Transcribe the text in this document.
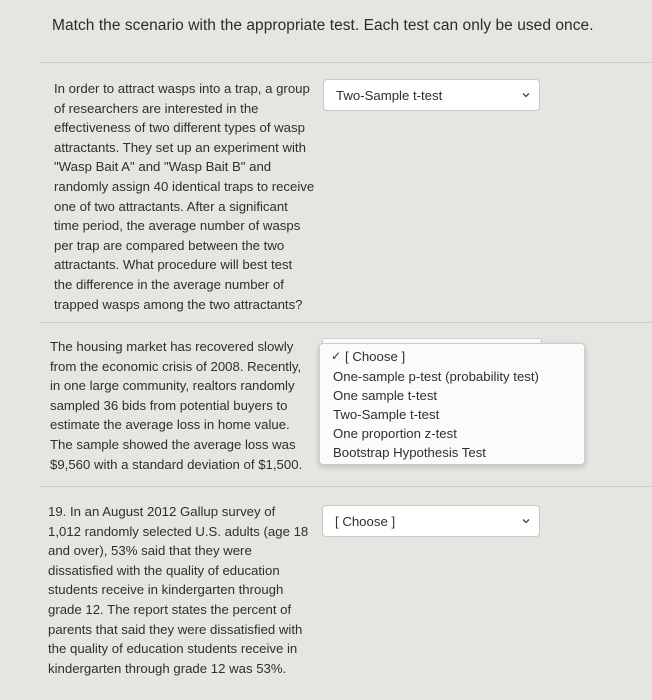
Match the scenario with the appropriate test. Each test can only be used once.
In order to attract wasps into a trap, a group
of researchers are interested in the
effectiveness of two different types of wasp
attractants. They set up an experiment with
"Wasp Bait A" and "Wasp Bait B" and
randomly assign 40 identical traps to receive
one of two attractants. After a significant
time period, the average number of wasps
per trap are compared between the two
attractants. What procedure will best test
the difference in the average number of
trapped wasps among the two attractants?
Two-Sample t-test
The housing market has recovered slowly
from the economic crisis of 2008. Recently,
in one large community, realtors randomly
sampled 36 bids from potential buyers to
estimate the average loss in home value.
The sample showed the average loss was
$9,560 with a standard deviation of $1,500.
✓ [ Choose ]
One-sample p-test (probability test)
One sample t-test
Two-Sample t-test
One proportion z-test
Bootstrap Hypothesis Test
19. In an August 2012 Gallup survey of
1,012 randomly selected U.S. adults (age 18
and over), 53% said that they were
dissatisfied with the quality of education
students receive in kindergarten through
grade 12. The report states the percent of
parents that said they were dissatisfied with
the quality of education students receive in
kindergarten through grade 12 was 53%.
[ Choose ]
